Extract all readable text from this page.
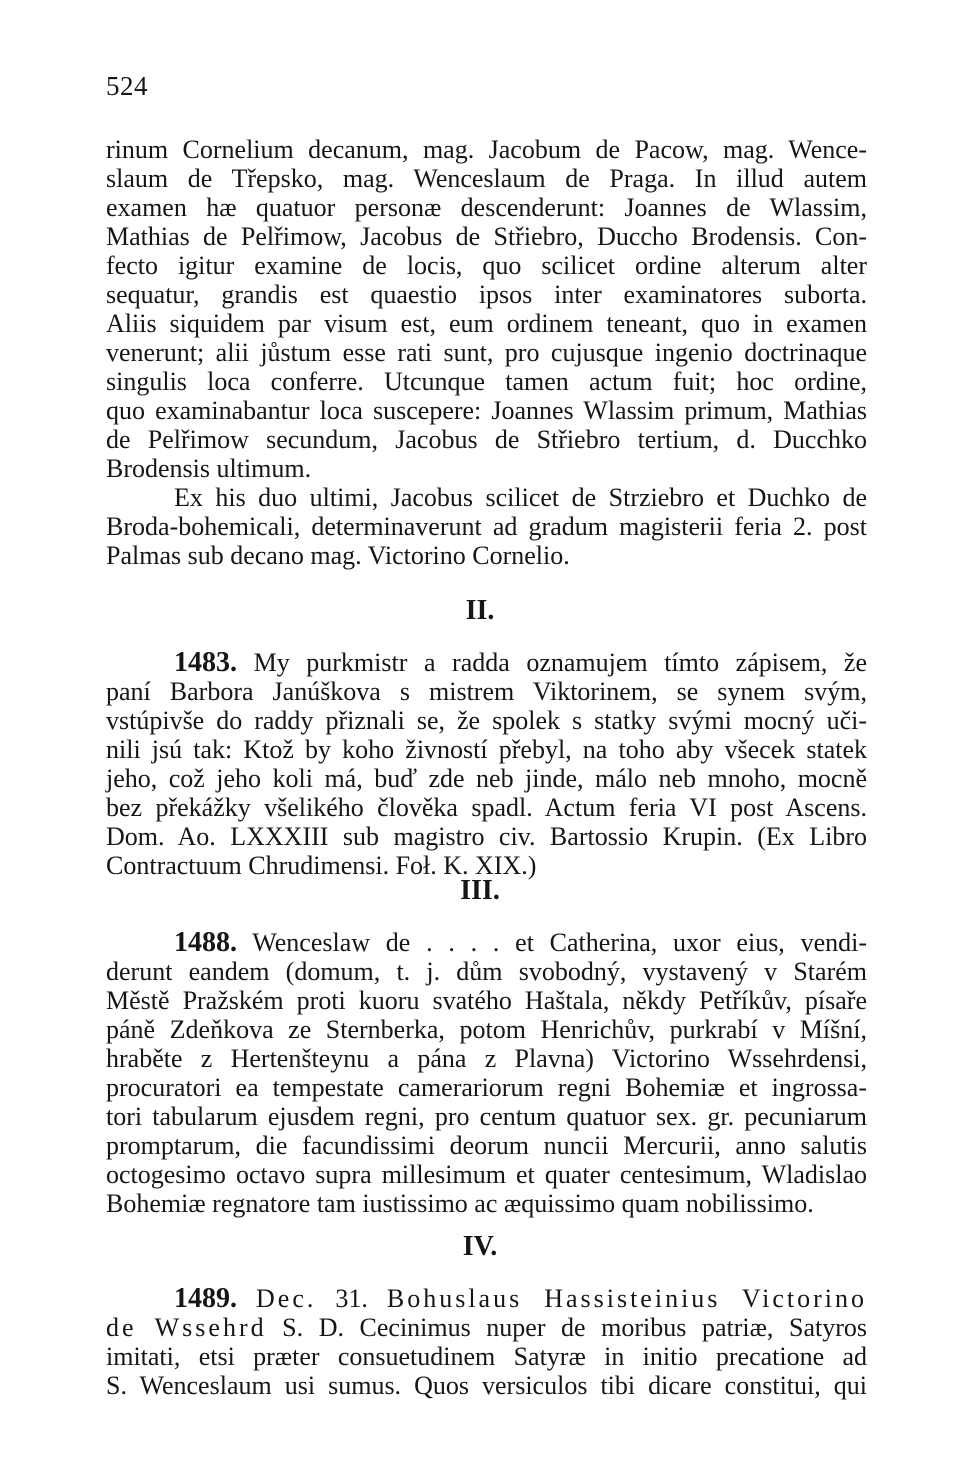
524
rinum Cornelium decanum, mag. Jacobum de Pacow, mag. Wence-
slaum de Třepsko, mag. Wenceslaum de Praga. In illud autem
examen hæ quatuor personæ descenderunt: Joannes de Wlassim,
Mathias de Pelřimow, Jacobus de Střiebro, Duccho Brodensis. Con-
fecto igitur examine de locis, quo scilicet ordine alterum alter
sequatur, grandis est quaestio ipsos inter examinatores suborta.
Aliis siquidem par visum est, eum ordinem teneant, quo in examen
venerunt; alii jůstum esse rati sunt, pro cujusque ingenio doctrinaque
singulis loca conferre. Utcunque tamen actum fuit; hoc ordine,
quo examinabantur loca suscepere: Joannes Wlassim primum, Mathias
de Pelřimow secundum, Jacobus de Střiebro tertium, d. Ducchko
Brodensis ultimum.
Ex his duo ultimi, Jacobus scilicet de Strziebro et Duchko de
Broda-bohemicali, determinaverunt ad gradum magisterii feria 2. post
Palmas sub decano mag. Victorino Cornelio.
II.
1483. My purkmistr a radda oznamujem tímto zápisem, že
paní Barbora Janúškova s mistrem Viktorinem, se synem svým,
vstúpivše do raddy přiznali se, že spolek s statky svými mocný uči-
nili jsú tak: Ktož by koho živností přebyl, na toho aby všecek statek
jeho, což jeho koli má, buď zde neb jinde, málo neb mnoho, mocně
bez překážky všelikého člověka spadl. Actum feria VI post Ascens.
Dom. Ao. LXXXIII sub magistro civ. Bartossio Krupin. (Ex Libro
Contractuum Chrudimensi. Foł. K. XIX.)
III.
1488. Wenceslaw de . . . . et Catherina, uxor eius, vendi-
derunt eandem (domum, t. j. dům svobodný, vystavený v Starém
Městě Pražském proti kuoru svatého Haštala, někdy Petříkův, písaře
páně Zdeňkova ze Sternberka, potom Henrichův, purkrabí v Míšní,
hraběte z Hertenšteynu a pána z Plavna) Victorino Wssehrdensi,
procuratori ea tempestate camerariorum regni Bohemiæ et ingrossa-
tori tabularum ejusdem regni, pro centum quatuor sex. gr. pecuniarum
promptarum, die facundissimi deorum nuncii Mercurii, anno salutis
octogesimo octavo supra millesimum et quater centesimum, Wladislao
Bohemiæ regnatore tam iustissimo ac æquissimo quam nobilissimo.
IV.
1489. Dec. 31. Bohuslaus Hassisteinius Victorino
de Wssehrd S. D. Cecinimus nuper de moribus patriæ, Satyros
imitati, etsi præter consuetudinem Satyræ in initio precatione ad
S. Wenceslaum usi sumus. Quos versiculos tibi dicare constitui, qui
